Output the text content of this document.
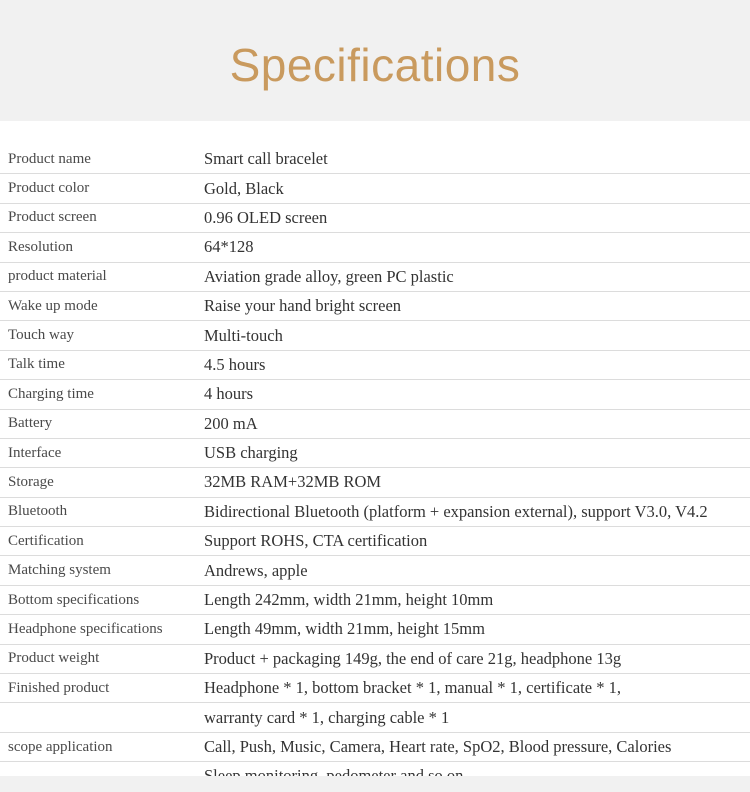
Specifications
Product name	Smart call bracelet
Product color	Gold, Black
Product screen	0.96 OLED screen
Resolution	64*128
product material	Aviation grade alloy, green PC plastic
Wake up mode	Raise your hand bright screen
Touch way	Multi-touch
Talk time	4.5 hours
Charging time	4 hours
Battery	200 mA
Interface	USB charging
Storage	32MB RAM+32MB ROM
Bluetooth	Bidirectional Bluetooth (platform + expansion external), support V3.0, V4.2
Certification	Support ROHS, CTA certification
Matching system	Andrews, apple
Bottom specifications	Length 242mm, width 21mm, height 10mm
Headphone specifications	Length 49mm, width 21mm, height 15mm
Product weight	Product + packaging 149g, the end of care 21g, headphone 13g
Finished product	Headphone * 1, bottom bracket * 1, manual * 1, certificate * 1,
	warranty card * 1, charging cable * 1
scope application	Call, Push, Music, Camera, Heart rate, SpO2, Blood pressure, Calories
